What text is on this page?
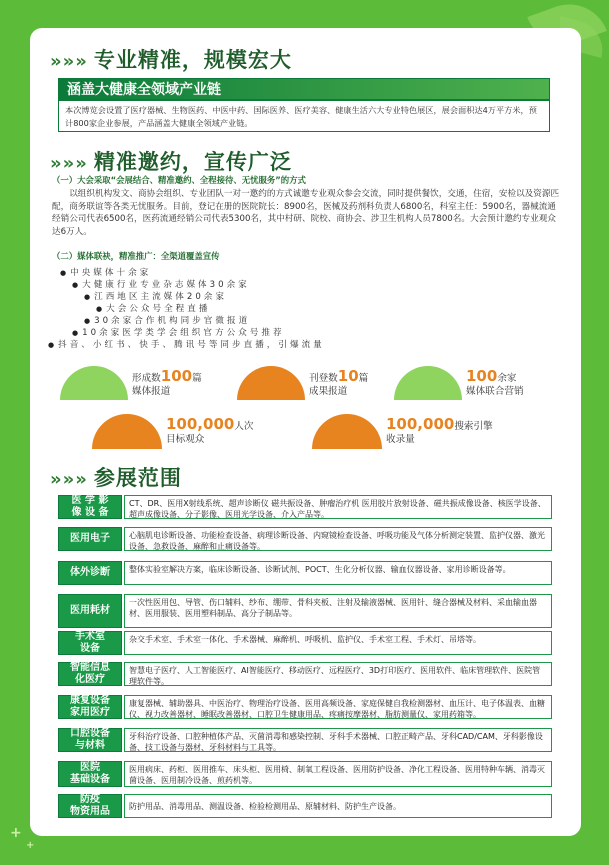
+
+
»»» 专业精准，规模宏大
涵盖大健康全领域产业链
本次博览会设置了医疗器械、生物医药、中医中药、国际医养、医疗美容、健康生活六大专业特色展区，展会面积达4万平方米，预计800家企业参展，产品涵盖大健康全领域产业链。
»»» 精准邀约，宣传广泛
（一）大会采取“会展结合、精准邀约、全程接待、无忧服务”的方式
以组织机构发文、商协会组织、专业团队一对一邀约的方式诚邀专业观众参会交流，同时提供餐饮，交通，住宿，安检以及资源匹配，商务联谊等各类无忧服务。目前，登记在册的医院院长：8900名，医械及药剂科负责人6800名，科室主任：5900名，器械流通经销公司代表6500名，医药流通经销公司代表5300名，其中村研、院校、商协会、涉卫生机构人员7800名。大会预计邀约专业观众达6万人。
（二）媒体联袂，精准推广：全渠道覆盖宣传
● 中央媒体十余家
● 大健康行业专业杂志媒体30余家
● 江西地区主流媒体20余家
● 大会公众号全程直播
● 30余家合作机构同步官微报道
● 10余家医学类学会组织官方公众号推荐
● 抖音、小红书、快手、腾讯号等同步直播，引爆流量
形成数100篇
媒体报道
刊登数10篇
成果报道
100余家
媒体联合营销
100,000人次
目标观众
100,000搜索引擎
收录量
»»» 参展范围
医 学 影
像 设 备
CT、DR、医用X射线系统、超声诊断仪 磁共振设备、肿瘤治疗机 医用胶片放射设备、磁共振成像设备、核医学设备、超声成像设备、分子影像、医用光学设备、介入产品等。
医用电子	心脑肌电诊断设备、功能检查设备、病理诊断设备、内窥镜检查设备、呼吸功能及气体分析测定装置、监护仪器、激光设备、急救设备、麻醉和止痛设备等。
体外诊断	整体实验室解决方案，临床诊断设备、诊断试剂、POCT、生化分析仪器、输血仪器设备、家用诊断设备等。
医用耗材
一次性医用包、导管、伤口辅料、纱布、绷带、骨科夹板、注射及输液器械、医用针、缝合器械及材料、采血输血器材、医用服装、医用塑料制品、高分子制品等。
手术室
设备
杂交手术室、手术室一体化、手术器械、麻醉机、呼吸机、监护仪、手术室工程、手术灯、吊塔等。
智能信息
化医疗
智慧电子医疗、人工智能医疗、AI智能医疗、移动医疗、远程医疗、3D打印医疗、医用软件、临床管理软件、医院管理软件等。
康复设备
家用医疗
康复器械、辅助器具、中医治疗、物理治疗设备、医用高频设备、家庭保健自我检测器材、血压计、电子体温表、血糖仪、视力改善器材、睡眠改善器材、口腔卫生健康用品、疼痛按摩器材、脂肪测量仪、家用药箱等。
口腔设备
与材料
牙科治疗设备、口腔种植体产品、灭菌消毒和感染控制、牙科手术器械、口腔正畸产品、牙科CAD/CAM、牙科影像设备、技工设备与器材、牙科材料与工具等。
医院
基础设备
医用病床、药柜、医用推车、床头柜、医用椅、制氧工程设备、医用防护设备、净化工程设备、医用特种车辆、消毒灭菌设备、医用制冷设备、煎药机等。
防疫
物资用品	防护用品、消毒用品、测温设备、检验检测用品、原辅材料、防护生产设备。
